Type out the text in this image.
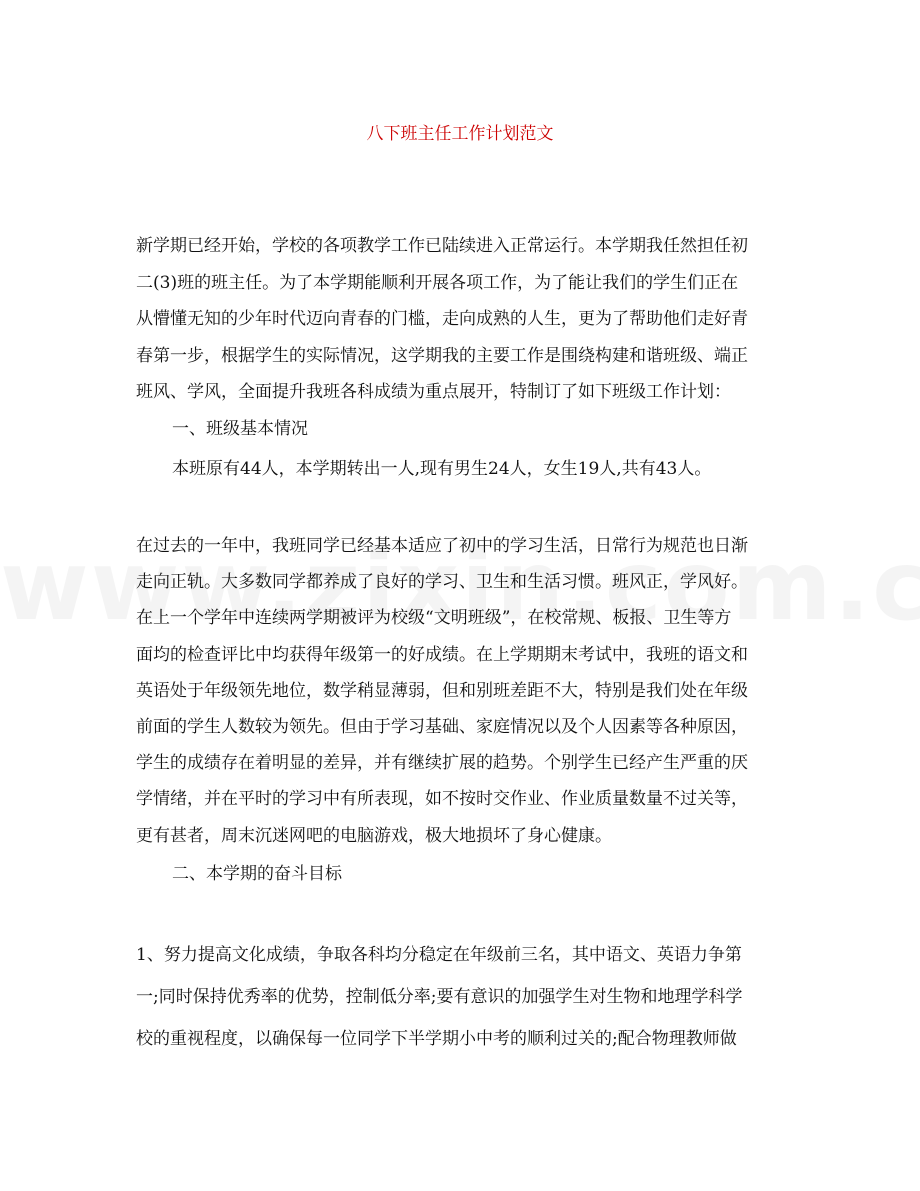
八下班主任工作计划范文
新学期已经开始，学校的各项教学工作已陆续进入正常运行。本学期我任然担任初
二(3)班的班主任。为了本学期能顺利开展各项工作，为了能让我们的学生们正在
从懵懂无知的少年时代迈向青春的门槛，走向成熟的人生，更为了帮助他们走好青
春第一步，根据学生的实际情况，这学期我的主要工作是围绕构建和谐班级、端正
班风、学风，全面提升我班各科成绩为重点展开，特制订了如下班级工作计划：
一、班级基本情况
本班原有44人，本学期转出一人,现有男生24人，女生19人,共有43人。
在过去的一年中，我班同学已经基本适应了初中的学习生活，日常行为规范也日渐
走向正轨。大多数同学都养成了良好的学习、卫生和生活习惯。班风正，学风好。
在上一个学年中连续两学期被评为校级“文明班级”，在校常规、板报、卫生等方
面均的检查评比中均获得年级第一的好成绩。在上学期期末考试中，我班的语文和
英语处于年级领先地位，数学稍显薄弱，但和别班差距不大，特别是我们处在年级
前面的学生人数较为领先。但由于学习基础、家庭情况以及个人因素等各种原因，
学生的成绩存在着明显的差异，并有继续扩展的趋势。个别学生已经产生严重的厌
学情绪，并在平时的学习中有所表现，如不按时交作业、作业质量数量不过关等，
更有甚者，周末沉迷网吧的电脑游戏，极大地损坏了身心健康。
二、本学期的奋斗目标
1、努力提高文化成绩，争取各科均分稳定在年级前三名，其中语文、英语力争第
一;同时保持优秀率的优势，控制低分率;要有意识的加强学生对生物和地理学科学
校的重视程度，以确保每一位同学下半学期小中考的顺利过关的;配合物理教师做
